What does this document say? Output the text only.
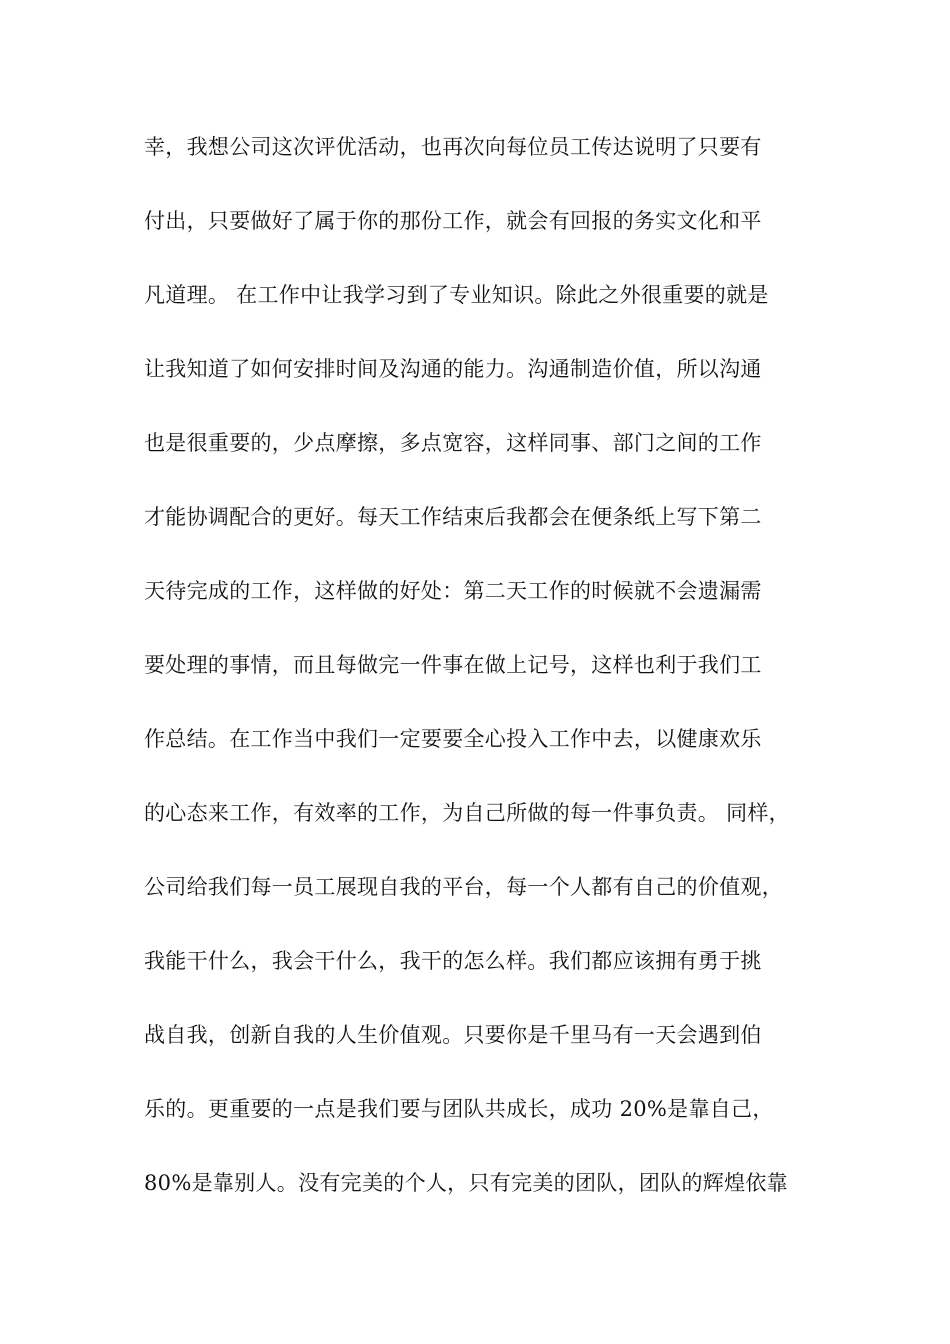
幸，我想公司这次评优活动，也再次向每位员工传达说明了只要有
付出，只要做好了属于你的那份工作，就会有回报的务实文化和平
凡道理。 在工作中让我学习到了专业知识。除此之外很重要的就是
让我知道了如何安排时间及沟通的能力。沟通制造价值，所以沟通
也是很重要的，少点摩擦，多点宽容，这样同事、部门之间的工作
才能协调配合的更好。每天工作结束后我都会在便条纸上写下第二
天待完成的工作，这样做的好处：第二天工作的时候就不会遗漏需
要处理的事情，而且每做完一件事在做上记号，这样也利于我们工
作总结。在工作当中我们一定要要全心投入工作中去，以健康欢乐
的心态来工作，有效率的工作，为自己所做的每一件事负责。 同样，
公司给我们每一员工展现自我的平台，每一个人都有自己的价值观，
我能干什么，我会干什么，我干的怎么样。我们都应该拥有勇于挑
战自我，创新自我的人生价值观。只要你是千里马有一天会遇到伯
乐的。更重要的一点是我们要与团队共成长，成功 20%是靠自己，
80%是靠别人。没有完美的个人，只有完美的团队，团队的辉煌依靠
